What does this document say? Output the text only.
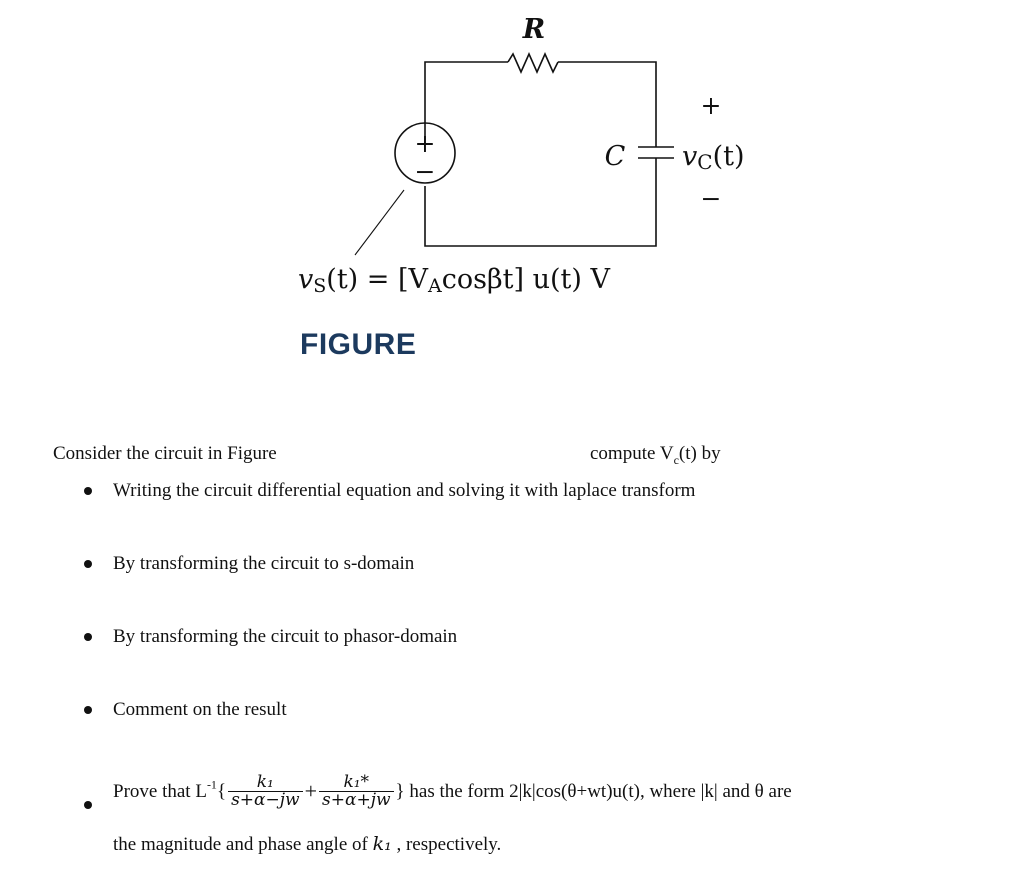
R
+
−	C
+
−
vC(t)
vS(t) = [VAcosβt] u(t) V
FIGURE
Consider the circuit in Figure	compute $V_c(t)$ by
Writing the circuit differential equation and solving it with laplace transform
By transforming the circuit to s-domain
By transforming the circuit to phasor-domain
Comment on the result
Prove that $L^{-1}\{ \frac{\text{k₁}}{s+\alpha-jw} + \frac{\text{k₁*}}{s+\alpha+jw}$ } has the form 2|k|cos(θ+wt)u(t), where |k| and θ are
the magnitude and phase angle of k₁ , respectively.
